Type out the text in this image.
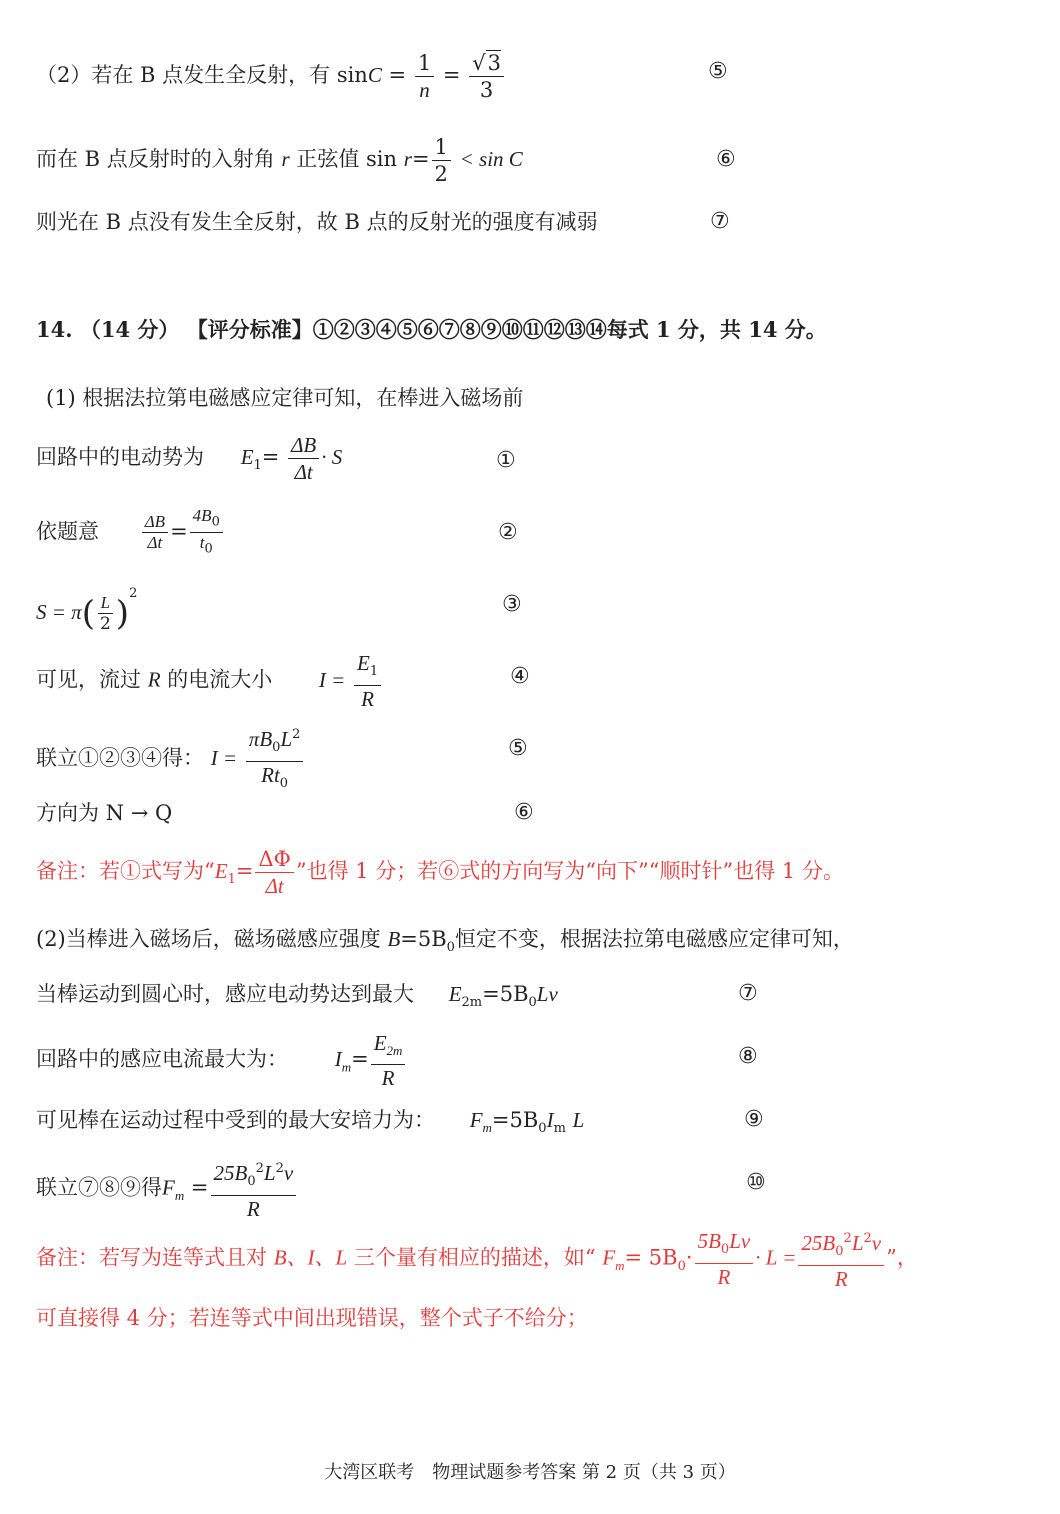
（2）若在 B 点发生全反射，有 $\sin C = \frac{1}{n} = \frac{√3}{3}$	⑤
而在 B 点反射时的入射角 r 正弦值 $\sin r= \frac{1}{2} < \sin C$	⑥
则光在 B 点没有发生全反射，故 B 点的反射光的强度有减弱	⑦
14. （14 分） 【评分标准】①②③④⑤⑥⑦⑧⑨⑩⑪⑫⑬⑭每式 1 分，共 14 分。
(1) 根据法拉第电磁感应定律可知，在棒进入磁场前
回路中的电动势为 $E_1= \frac{\Delta B}{\Delta t} \cdot S$	①
依题意	$\frac{\Delta B}{\Delta t} = \frac{4B_0}{t_0}$	②
$S = \pi( \frac{L}{2} )^2$	③
可见，流过 R 的电流大小 $I = \frac{E_1}{R}$	④
联立①②③④得： $I = \frac{\pi B_0L^2}{Rt_0}$	⑤
方向为 N → Q	⑥
备注：若①式写为“$E_1= \frac{\Delta\Phi}{\Delta t}$ ”也得 1 分；若⑥式的方向写为“向下”“顺时针”也得 1 分。
(2)当棒进入磁场后，磁场磁感应强度 $B=5B_0$恒定不变，根据法拉第电磁感应定律可知，
当棒运动到圆心时，感应电动势达到最大 $E_{2m}=5B_0Lv$	⑦
回路中的感应电流最大为： $I_m= \frac{E_{2m}}{R}$	⑧
可见棒在运动过程中受到的最大安培力为： $F_m=5B_0I_m$ L	⑨
联立⑦⑧⑨得$F_m = \frac{25B_0^2L^2v}{R}$	⑩
备注：若写为连等式且对 B、I、L 三个量有相应的描述，如“ $F_m= 5B_0\cdot \frac{5B_0Lv}{R} \cdot L = \frac{25B_0^2L^2v}{R}$ ”，
可直接得 4 分；若连等式中间出现错误，整个式子不给分；
大湾区联考　物理试题参考答案 第 2 页（共 3 页）
